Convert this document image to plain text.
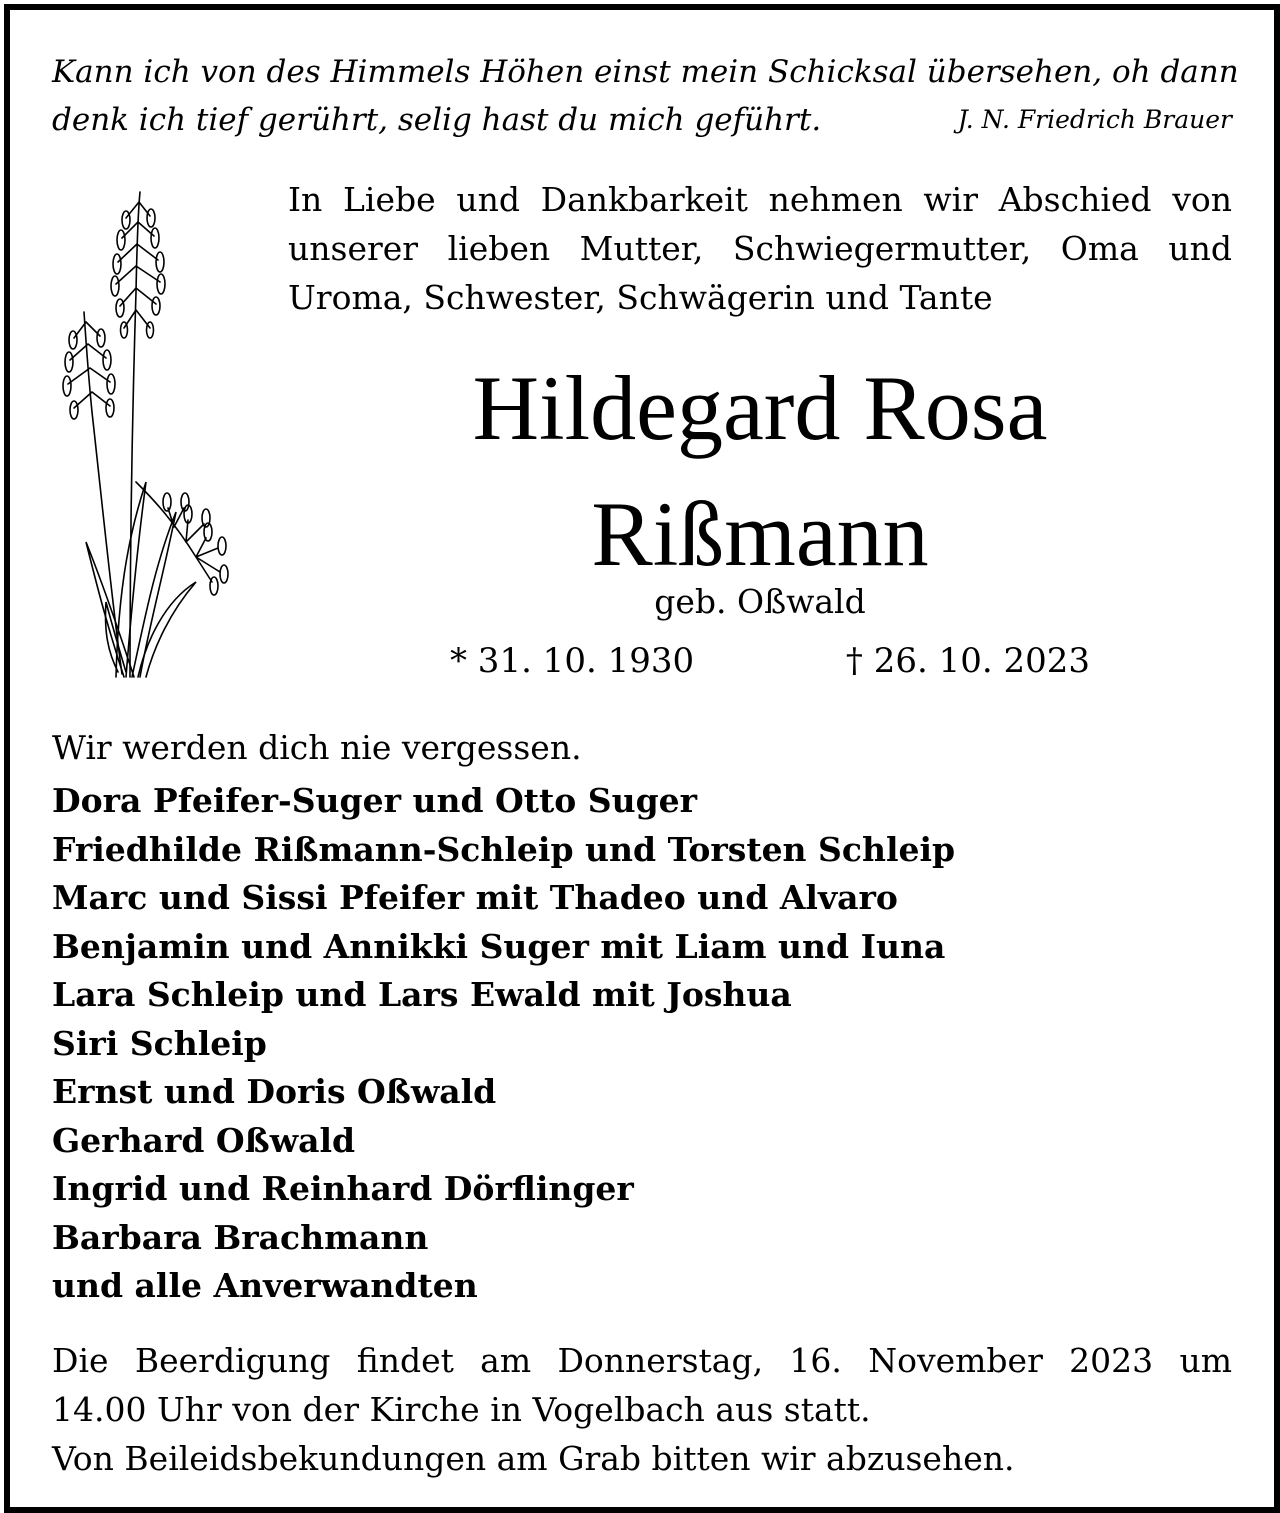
Kann ich von des Himmels Höhen einst mein Schicksal übersehen, oh dann
denk ich tief gerührt, selig hast du mich geführt.	J. N. Friedrich Brauer
In Liebe und Dankbarkeit nehmen wir Abschied von unserer lieben Mutter, Schwiegermutter, Oma und Uroma, Schwester, Schwägerin und Tante
Hildegard Rosa
Rißmann
geb. Oßwald
* 31. 10. 1930	† 26. 10. 2023
Wir werden dich nie vergessen.
Dora Pfeifer-Suger und Otto Suger
Friedhilde Rißmann-Schleip und Torsten Schleip
Marc und Sissi Pfeifer mit Thadeo und Alvaro
Benjamin und Annikki Suger mit Liam und Iuna
Lara Schleip und Lars Ewald mit Joshua
Siri Schleip
Ernst und Doris Oßwald
Gerhard Oßwald
Ingrid und Reinhard Dörflinger
Barbara Brachmann
und alle Anverwandten
Die Beerdigung findet am Donnerstag, 16. November 2023 um
14.00 Uhr von der Kirche in Vogelbach aus statt.
Von Beileidsbekundungen am Grab bitten wir abzusehen.
